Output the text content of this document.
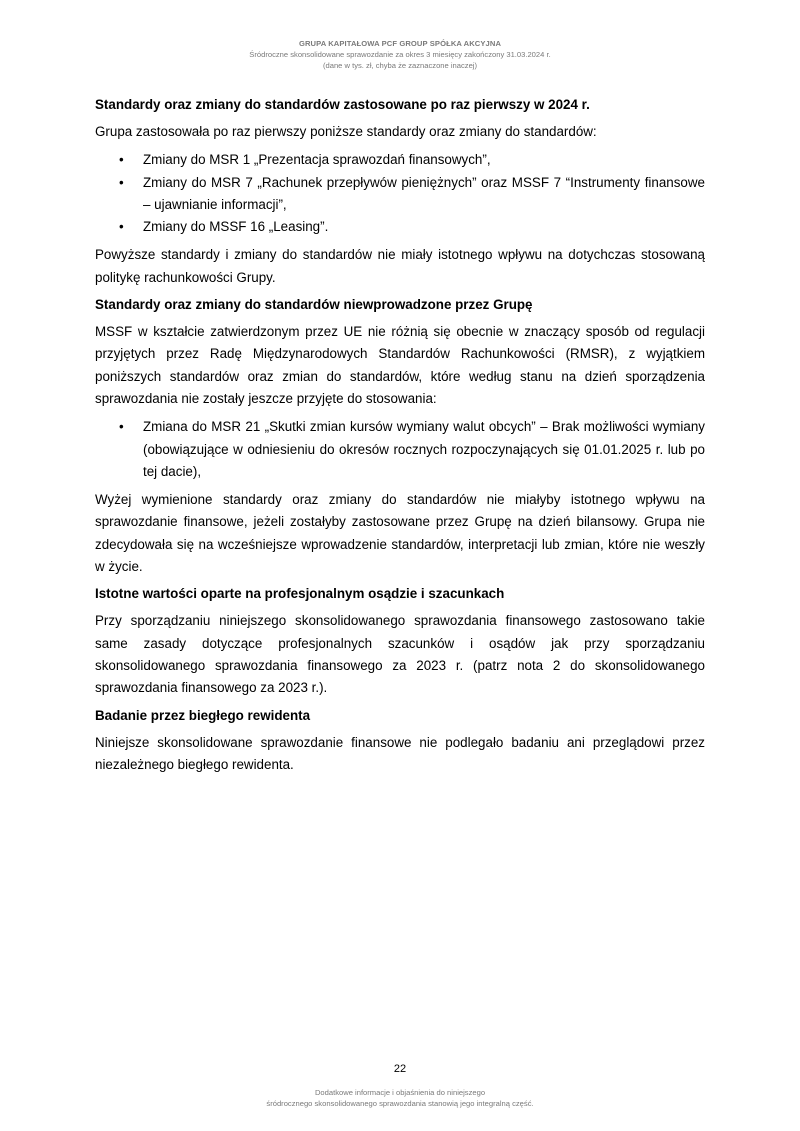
GRUPA KAPITAŁOWA PCF GROUP SPÓŁKA AKCYJNA
Śródroczne skonsolidowane sprawozdanie za okres 3 miesięcy zakończony 31.03.2024 r.
(dane w tys. zł, chyba że zaznaczone inaczej)
Standardy oraz zmiany do standardów zastosowane po raz pierwszy w 2024 r.
Grupa zastosowała po raz pierwszy poniższe standardy oraz zmiany do standardów:
• Zmiany do MSR 1 „Prezentacja sprawozdań finansowych”,
• Zmiany do MSR 7 „Rachunek przepływów pieniężnych” oraz MSSF 7 “Instrumenty finansowe – ujawnianie informacji”,
• Zmiany do MSSF 16 „Leasing”.
Powyższe standardy i zmiany do standardów nie miały istotnego wpływu na dotychczas stosowaną politykę rachunkowości Grupy.
Standardy oraz zmiany do standardów niewprowadzone przez Grupę
MSSF w kształcie zatwierdzonym przez UE nie różnią się obecnie w znaczący sposób od regulacji przyjętych przez Radę Międzynarodowych Standardów Rachunkowości (RMSR), z wyjątkiem poniższych standardów oraz zmian do standardów, które według stanu na dzień sporządzenia sprawozdania nie zostały jeszcze przyjęte do stosowania:
• Zmiana do MSR 21 „Skutki zmian kursów wymiany walut obcych” – Brak możliwości wymiany (obowiązujące w odniesieniu do okresów rocznych rozpoczynających się 01.01.2025 r. lub po tej dacie),
Wyżej wymienione standardy oraz zmiany do standardów nie miałyby istotnego wpływu na sprawozdanie finansowe, jeżeli zostałyby zastosowane przez Grupę na dzień bilansowy. Grupa nie zdecydowała się na wcześniejsze wprowadzenie standardów, interpretacji lub zmian, które nie weszły w życie.
Istotne wartości oparte na profesjonalnym osądzie i szacunkach
Przy sporządzaniu niniejszego skonsolidowanego sprawozdania finansowego zastosowano takie same zasady dotyczące profesjonalnych szacunków i osądów jak przy sporządzaniu skonsolidowanego sprawozdania finansowego za 2023 r. (patrz nota 2 do skonsolidowanego sprawozdania finansowego za 2023 r.).
Badanie przez biegłego rewidenta
Niniejsze skonsolidowane sprawozdanie finansowe nie podlegało badaniu ani przeglądowi przez niezależnego biegłego rewidenta.
22
Dodatkowe informacje i objaśnienia do niniejszego
śródrocznego skonsolidowanego sprawozdania stanowią jego integralną część.
